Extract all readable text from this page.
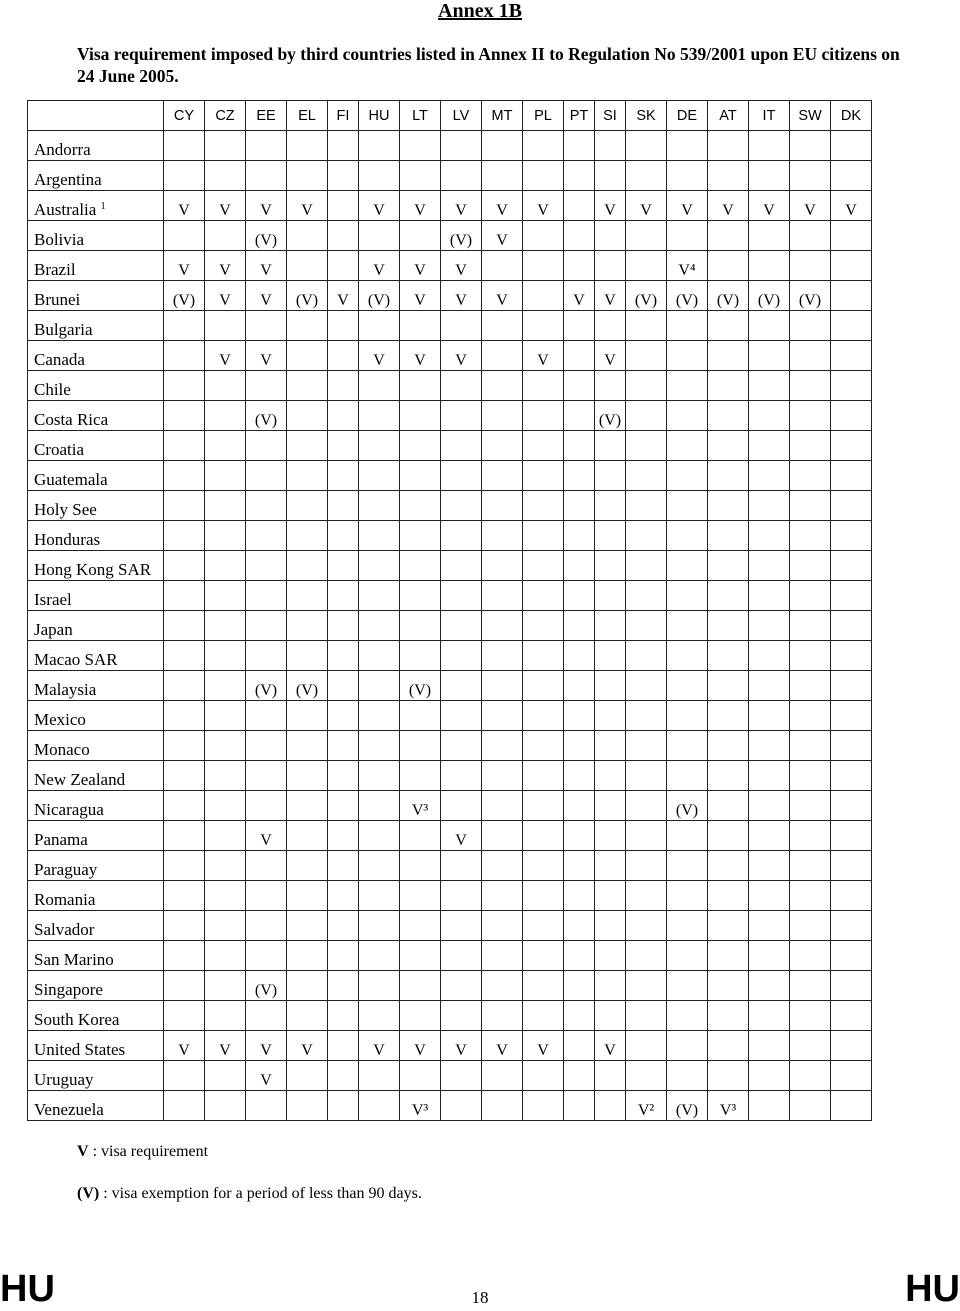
Annex 1B
Visa requirement imposed by third countries listed in Annex II to Regulation No 539/2001 upon EU citizens on 24 June 2005.
	CY	CZ	EE	EL	FI	HU	LT	LV	MT	PL	PT	SI	SK	DE	AT	IT	SW	DK
Andorra																		
Argentina																		
Australia $^1$	V	V	V	V		V	V	V	V	V		V	V	V	V	V	V	V
Bolivia			(V)					(V)	V									
Brazil	V	V	V			V	V	V						V⁴				
Brunei	(V)	V	V	(V)	V	(V)	V	V	V		V	V	(V)	(V)	(V)	(V)	(V)	
Bulgaria																		
Canada		V	V			V	V	V		V		V						
Chile																		
Costa Rica			(V)									(V)						
Croatia																		
Guatemala																		
Holy See																		
Honduras																		
Hong Kong SAR																		
Israel																		
Japan																		
Macao SAR																		
Malaysia			(V)	(V)			(V)											
Mexico																		
Monaco																		
New Zealand																		
Nicaragua							V³							(V)				
Panama			V					V										
Paraguay																		
Romania																		
Salvador																		
San Marino																		
Singapore			(V)															
South Korea																		
United States	V	V	V	V		V	V	V	V	V		V						
Uruguay			V															
Venezuela							V³						V²	(V)	V³			
V : visa requirement
(V) : visa exemption for a period of less than 90 days.
HU	18	HU
